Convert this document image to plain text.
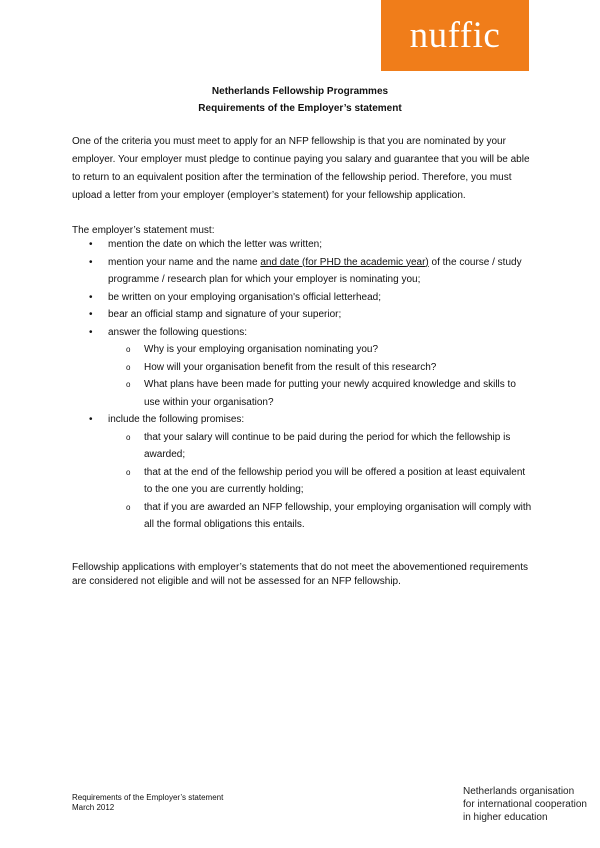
nuffic
Netherlands Fellowship Programmes
Requirements of the Employer’s statement

One of the criteria you must meet to apply for an NFP fellowship is that you are nominated by your employer. Your employer must pledge to continue paying you salary and guarantee that you will be able to return to an equivalent position after the termination of the fellowship period. Therefore, you must upload a letter from your employer (employer’s statement) for your fellowship application.

The employer’s statement must:

• mention the date on which the letter was written;
• mention your name and the name and date (for PHD the academic year) of the course / study programme / research plan for which your employer is nominating you;
• be written on your employing organisation's official letterhead;
• bear an official stamp and signature of your superior;
• answer the following questions:
o Why is your employing organisation nominating you?
o How will your organisation benefit from the result of this research?
o What plans have been made for putting your newly acquired knowledge and skills to use within your organisation?
• include the following promises:
o that your salary will continue to be paid during the period for which the fellowship is awarded;
o that at the end of the fellowship period you will be offered a position at least equivalent to the one you are currently holding;
o that if you are awarded an NFP fellowship, your employing organisation will comply with all the formal obligations this entails.

Fellowship applications with employer’s statements that do not meet the abovementioned requirements are considered not eligible and will not be assessed for an NFP fellowship.

Requirements of the Employer’s statement
March 2012
Netherlands organisation
for international cooperation
in higher education
